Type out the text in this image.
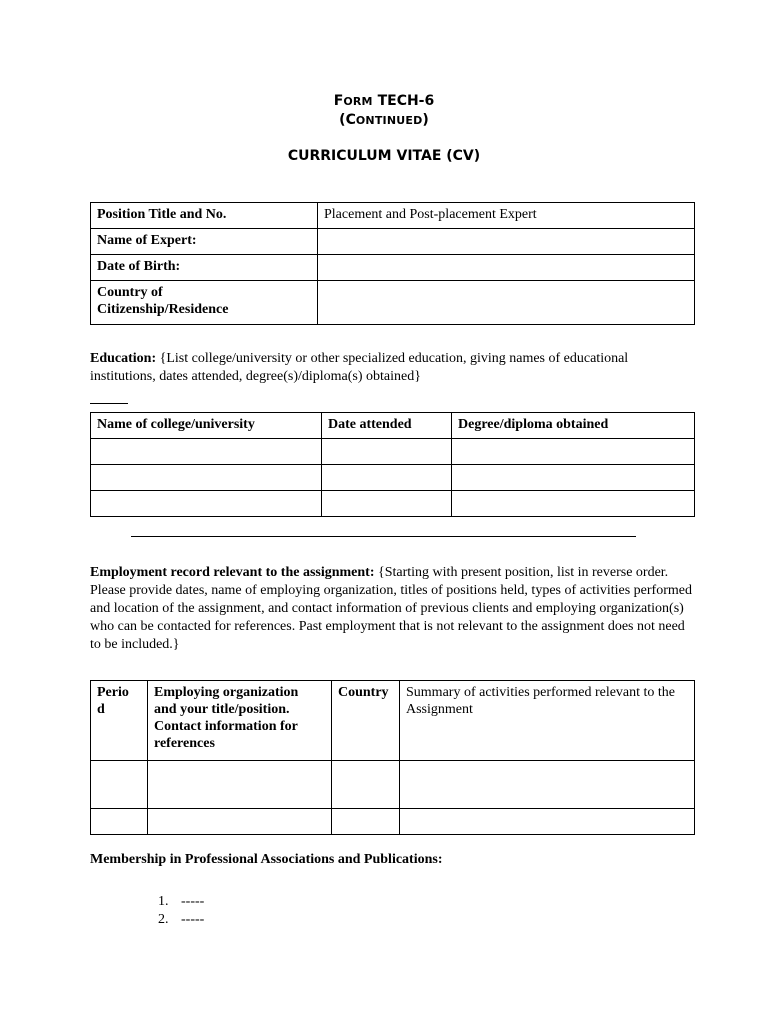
FORM TECH-6
(CONTINUED)
CURRICULUM VITAE (CV)
Position Title and No.	Placement and Post-placement Expert
Name of Expert:	
Date of Birth:	
Country of
Citizenship/Residence	
Education: {List college/university or other specialized education, giving names of educational institutions, dates attended, degree(s)/diploma(s) obtained}
Name of college/university	Date attended	Degree/diploma obtained

Employment record relevant to the assignment: {Starting with present position, list in reverse order. Please provide dates, name of employing organization, titles of positions held, types of activities performed and location of the assignment, and contact information of previous clients and employing organization(s) who can be contacted for references. Past employment that is not relevant to the assignment does not need to be included.}
Perio d	Employing organization and your title/position. Contact information for references	Country	Summary of activities performed relevant to the Assignment

Membership in Professional Associations and Publications:
1. -----
2. -----
